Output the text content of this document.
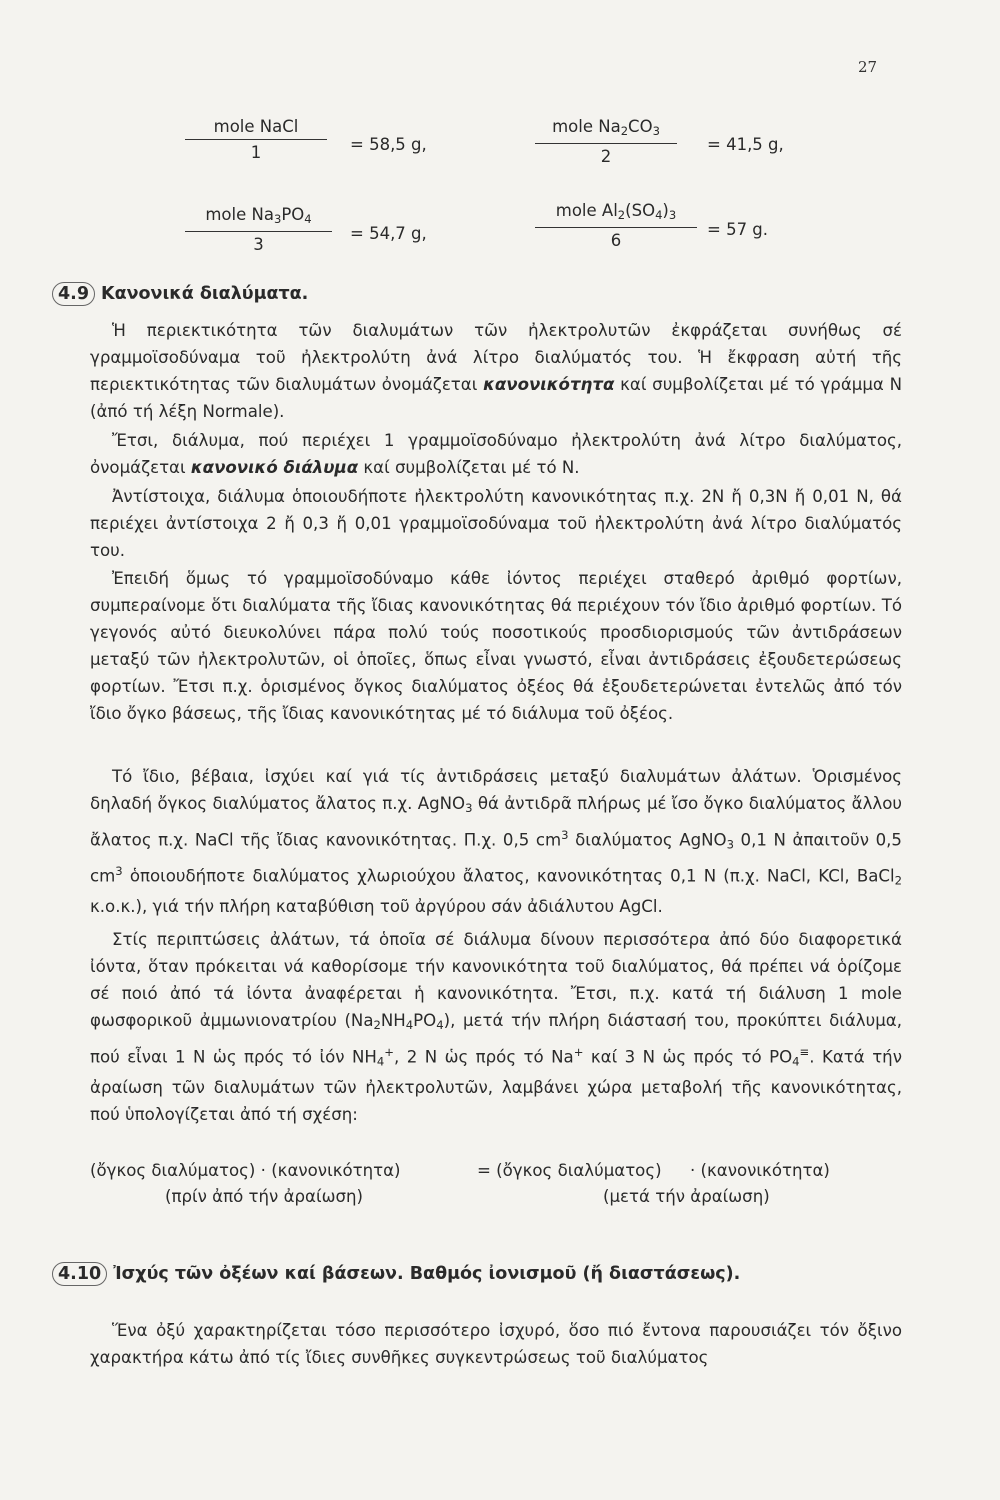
27
mole NaCl
1	= 58,5 g,
mole $Na_2CO_3$
2
= 41,5 g,
mole $Na_3PO_4$
3
= 54,7 g,
mole $Al_2(SO_4)_3$
6
= 57 g.
4.9 Κανονικά διαλύματα.

Ἡ περιεκτικότητα τῶν διαλυμάτων τῶν ἠλεκτρολυτῶν ἐκφράζεται συνήθως σέ γραμμοϊσοδύναμα τοῦ ἠλεκτρολύτη ἀνά λίτρο διαλύματός του. Ἡ ἔκφραση αὐτή τῆς περιεκτικότητας τῶν διαλυμάτων ὀνομάζεται κανονικότητα καί συμβολίζεται μέ τό γράμμα N (ἀπό τή λέξη Normale).

Ἔτσι, διάλυμα, πού περιέχει 1 γραμμοϊσοδύναμο ἠλεκτρολύτη ἀνά λίτρο διαλύματος, ὀνομάζεται κανονικό διάλυμα καί συμβολίζεται μέ τό N.

Ἀντίστοιχα, διάλυμα ὁποιουδήποτε ἠλεκτρολύτη κανονικότητας π.χ. 2N ἤ 0,3N ἤ 0,01 N, θά περιέχει ἀντίστοιχα 2 ἤ 0,3 ἤ 0,01 γραμμοϊσοδύναμα τοῦ ἠλεκτρολύτη ἀνά λίτρο διαλύματός του.

Ἐπειδή ὅμως τό γραμμοϊσοδύναμο κάθε ἰόντος περιέχει σταθερό ἀριθμό φορτίων, συμπεραίνομε ὅτι διαλύματα τῆς ἴδιας κανονικότητας θά περιέχουν τόν ἴδιο ἀριθμό φορτίων. Τό γεγονός αὐτό διευκολύνει πάρα πολύ τούς ποσοτικούς προσδιορισμούς τῶν ἀντιδράσεων μεταξύ τῶν ἠλεκτρολυτῶν, οἱ ὁποῖες, ὅπως εἶναι γνωστό, εἶναι ἀντιδράσεις ἐξουδετερώσεως φορτίων. Ἔτσι π.χ. ὁρισμένος ὄγκος διαλύματος ὀξέος θά ἐξουδετερώνεται ἐντελῶς ἀπό τόν ἴδιο ὄγκο βάσεως, τῆς ἴδιας κανονικότητας μέ τό διάλυμα τοῦ ὀξέος.

Τό ἴδιο, βέβαια, ἰσχύει καί γιά τίς ἀντιδράσεις μεταξύ διαλυμάτων ἀλάτων. Ὁρισμένος δηλαδή ὄγκος διαλύματος ἄλατος π.χ. AgNO$_3$ θά ἀντιδρᾶ πλήρως μέ ἴσο ὄγκο διαλύματος ἄλλου ἄλατος π.χ. NaCl τῆς ἴδιας κανονικότητας. Π.χ. 0,5 $cm^3$ διαλύματος AgNO$_3$ 0,1 N ἀπαιτοῦν 0,5 $cm^3$ ὁποιουδήποτε διαλύματος χλωριούχου ἄλατος, κανονικότητας 0,1 N (π.χ. NaCl, KCl, BaCl$_2$ κ.ο.κ.), γιά τήν πλήρη καταβύθιση τοῦ ἀργύρου σάν ἀδιάλυτου AgCl.

Στίς περιπτώσεις ἀλάτων, τά ὁποῖα σέ διάλυμα δίνουν περισσότερα ἀπό δύο διαφορετικά ἰόντα, ὅταν πρόκειται νά καθορίσομε τήν κανονικότητα τοῦ διαλύματος, θά πρέπει νά ὁρίζομε σέ ποιό ἀπό τά ἰόντα ἀναφέρεται ἡ κανονικότητα. Ἔτσι, π.χ. κατά τή διάλυση 1 mole φωσφορικοῦ ἀμμωνιονατρίου $(Na_2NH_4PO_4)$, μετά τήν πλήρη διάστασή του, προκύπτει διάλυμα, πού εἶναι 1 N ὡς πρός τό ἰόν $NH_4^+$, 2 N ὡς πρός τό Na+ καί 3 N ὡς πρός τό $PO_4^\equiv$. Κατά τήν ἀραίωση τῶν διαλυμάτων τῶν ἠλεκτρολυτῶν, λαμβάνει χώρα μεταβολή τῆς κανονικότητας, πού ὑπολογίζεται ἀπό τή σχέση:

(ὄγκος διαλύματος) · (κανονικότητα)	= (ὄγκος διαλύματος) · (κανονικότητα)
(πρίν ἀπό τήν ἀραίωση)	(μετά τήν ἀραίωση)
4.10 Ἰσχύς τῶν ὀξέων καί βάσεων. Βαθμός ἰονισμοῦ (ἤ διαστάσεως).

Ἕνα ὀξύ χαρακτηρίζεται τόσο περισσότερο ἰσχυρό, ὅσο πιό ἔντονα παρουσιάζει τόν ὄξινο χαρακτήρα κάτω ἀπό τίς ἴδιες συνθῆκες συγκεντρώσεως τοῦ διαλύματος
